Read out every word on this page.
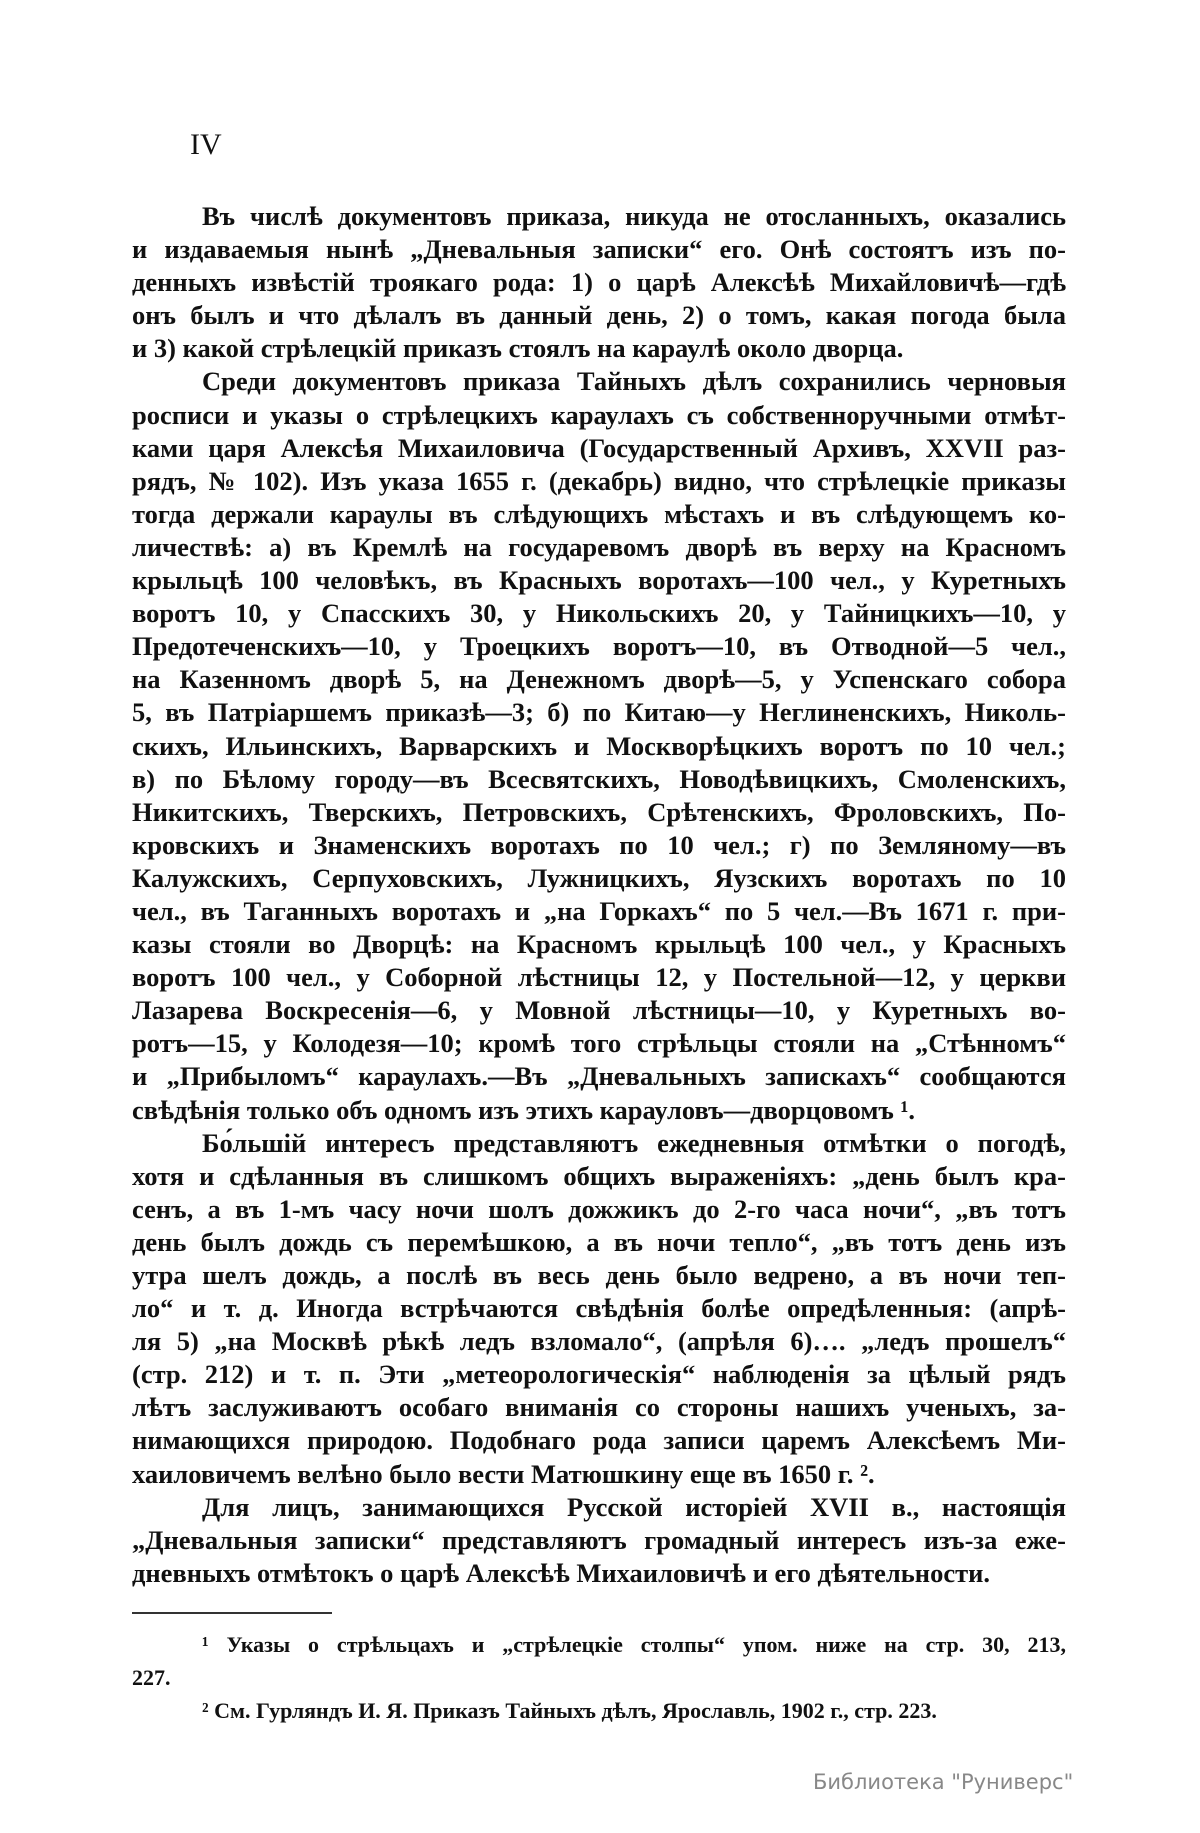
IV
Въ числѣ документовъ приказа, никуда не отосланныхъ, оказались
и издаваемыя нынѣ „Дневальныя записки“ его. Онѣ состоятъ изъ по-
денныхъ извѣстій троякаго рода: 1) о царѣ Алексѣѣ Михайловичѣ—гдѣ
онъ былъ и что дѣлалъ въ данный день, 2) о томъ, какая погода была
и 3) какой стрѣлецкій приказъ стоялъ на караулѣ около дворца.
Среди документовъ приказа Тайныхъ дѣлъ сохранились черновыя
росписи и указы о стрѣлецкихъ караулахъ съ собственноручными отмѣт-
ками царя Алексѣя Михаиловича (Государственный Архивъ, XXVII раз-
рядъ, № 102). Изъ указа 1655 г. (декабрь) видно, что стрѣлецкіе приказы
тогда держали караулы въ слѣдующихъ мѣстахъ и въ слѣдующемъ ко-
личествѣ: а) въ Кремлѣ на государевомъ дворѣ въ верху на Красномъ
крыльцѣ 100 человѣкъ, въ Красныхъ воротахъ—100 чел., у Куретныхъ
воротъ 10, у Спасскихъ 30, у Никольскихъ 20, у Тайницкихъ—10, у
Предотеченскихъ—10, у Троецкихъ воротъ—10, въ Отводной—5 чел.,
на Казенномъ дворѣ 5, на Денежномъ дворѣ—5, у Успенскаго собора
5, въ Патріаршемъ приказѣ—3; б) по Китаю—у Неглиненскихъ, Николь-
скихъ, Ильинскихъ, Варварскихъ и Москворѣцкихъ воротъ по 10 чел.;
в) по Бѣлому городу—въ Всесвятскихъ, Новодѣвицкихъ, Смоленскихъ,
Никитскихъ, Тверскихъ, Петровскихъ, Срѣтенскихъ, Фроловскихъ, По-
кровскихъ и Знаменскихъ воротахъ по 10 чел.; г) по Земляному—въ
Калужскихъ, Серпуховскихъ, Лужницкихъ, Яузскихъ воротахъ по 10
чел., въ Таганныхъ воротахъ и „на Горкахъ“ по 5 чел.—Въ 1671 г. при-
казы стояли во Дворцѣ: на Красномъ крыльцѣ 100 чел., у Красныхъ
воротъ 100 чел., у Соборной лѣстницы 12, у Постельной—12, у церкви
Лазарева Воскресенія—6, у Мовной лѣстницы—10, у Куретныхъ во-
ротъ—15, у Колодезя—10; кромѣ того стрѣльцы стояли на „Стѣнномъ“
и „Прибыломъ“ караулахъ.—Въ „Дневальныхъ запискахъ“ сообщаются
свѣдѣнія только объ одномъ изъ этихъ карауловъ—дворцовомъ ¹.
Бо́льшій интересъ представляютъ ежедневныя отмѣтки о погодѣ,
хотя и сдѣланныя въ слишкомъ общихъ выраженіяхъ: „день былъ кра-
сенъ, а въ 1-мъ часу ночи шолъ дожжикъ до 2-го часа ночи“, „въ тотъ
день былъ дождь съ перемѣшкою, а въ ночи тепло“, „въ тотъ день изъ
утра шелъ дождь, а послѣ въ весь день было ведрено, а въ ночи теп-
ло“ и т. д. Иногда встрѣчаются свѣдѣнія болѣе опредѣленныя: (апрѣ-
ля 5) „на Москвѣ рѣкѣ ледъ взломало“, (апрѣля 6)…. „ледъ прошелъ“
(стр. 212) и т. п. Эти „метеорологическія“ наблюденія за цѣлый рядъ
лѣтъ заслуживаютъ особаго вниманія со стороны нашихъ ученыхъ, за-
нимающихся природою. Подобнаго рода записи царемъ Алексѣемъ Ми-
хаиловичемъ велѣно было вести Матюшкину еще въ 1650 г. ².
Для лицъ, занимающихся Русской исторіей XVII в., настоящія
„Дневальныя записки“ представляютъ громадный интересъ изъ-за еже-
дневныхъ отмѣтокъ о царѣ Алексѣѣ Михаиловичѣ и его дѣятельности.
¹ Указы о стрѣльцахъ и „стрѣлецкіе столпы“ упом. ниже на стр. 30, 213,
227.
² См. Гурляндъ И. Я. Приказъ Тайныхъ дѣлъ, Ярославль, 1902 г., стр. 223.
Библиотека "Руниверс"
